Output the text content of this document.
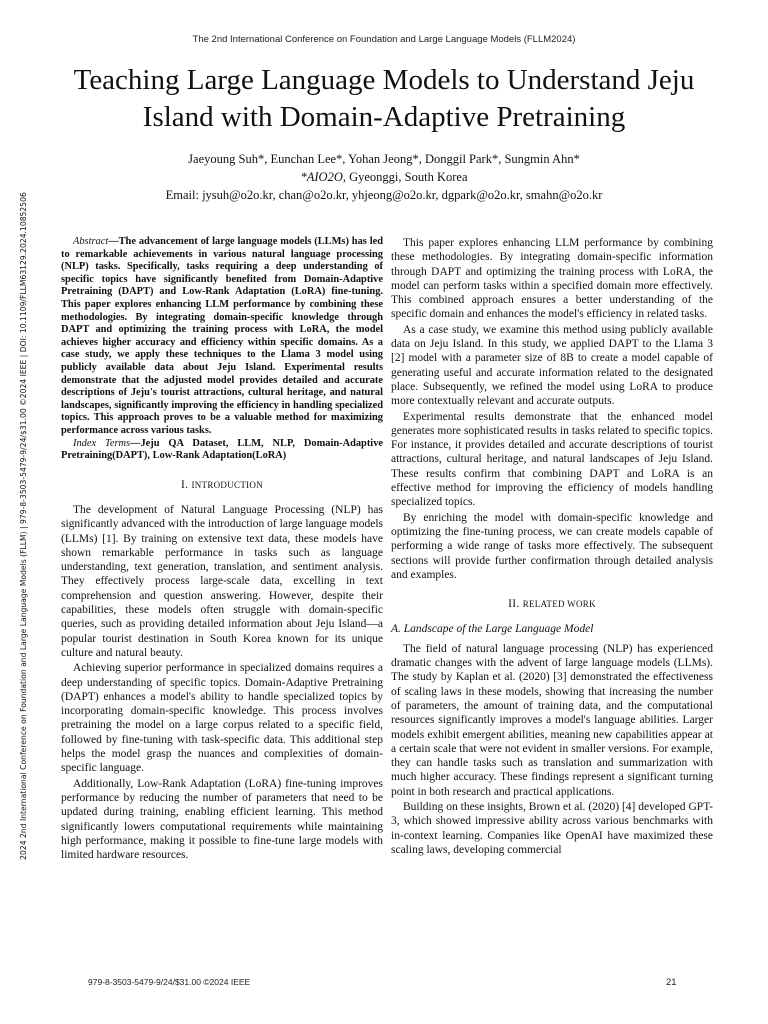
The 2nd International Conference on Foundation and Large Language Models (FLLM2024)
2024 2nd International Conference on Foundation and Large Language Models (FLLM) | 979-8-3503-5479-9/24/$31.00 ©2024 IEEE | DOI: 10.1109/FLLM63129.2024.10852506
Teaching Large Language Models to Understand Jeju Island with Domain-Adaptive Pretraining
Jaeyoung Suh*, Eunchan Lee*, Yohan Jeong*, Donggil Park*, Sungmin Ahn*
*AIO2O, Gyeonggi, South Korea
Email: jysuh@o2o.kr, chan@o2o.kr, yhjeong@o2o.kr, dgpark@o2o.kr, smahn@o2o.kr

Abstract—The advancement of large language models (LLMs) has led to remarkable achievements in various natural language processing (NLP) tasks. Specifically, tasks requiring a deep understanding of specific topics have significantly benefited from Domain-Adaptive Pretraining (DAPT) and Low-Rank Adaptation (LoRA) fine-tuning. This paper explores enhancing LLM performance by combining these methodologies. By integrating domain-specific knowledge through DAPT and optimizing the training process with LoRA, the model achieves higher accuracy and efficiency within specific domains. As a case study, we apply these techniques to the Llama 3 model using publicly available data about Jeju Island. Experimental results demonstrate that the adjusted model provides detailed and accurate descriptions of Jeju's tourist attractions, cultural heritage, and natural landscapes, significantly improving the efficiency in handling specialized topics. This approach proves to be a valuable method for maximizing performance across various tasks.

Index Terms—Jeju QA Dataset, LLM, NLP, Domain-Adaptive Pretraining(DAPT), Low-Rank Adaptation(LoRA)

I. INTRODUCTION

The development of Natural Language Processing (NLP) has significantly advanced with the introduction of large language models (LLMs) [1]. By training on extensive text data, these models have shown remarkable performance in tasks such as language understanding, text generation, translation, and sentiment analysis. They effectively process large-scale data, excelling in text comprehension and question answering. However, despite their capabilities, these models often struggle with domain-specific queries, such as providing detailed information about Jeju Island—a popular tourist destination in South Korea known for its unique culture and natural beauty.

Achieving superior performance in specialized domains requires a deep understanding of specific topics. Domain-Adaptive Pretraining (DAPT) enhances a model's ability to handle specialized topics by incorporating domain-specific knowledge. This process involves pretraining the model on a large corpus related to a specific field, followed by fine-tuning with task-specific data. This additional step helps the model grasp the nuances and complexities of domain-specific language.

Additionally, Low-Rank Adaptation (LoRA) fine-tuning improves performance by reducing the number of parameters that need to be updated during training, enabling efficient learning. This method significantly lowers computational requirements while maintaining high performance, making it possible to fine-tune large models with limited hardware resources.

This paper explores enhancing LLM performance by combining these methodologies. By integrating domain-specific information through DAPT and optimizing the training process with LoRA, the model can perform tasks within a specified domain more effectively. This combined approach ensures a better understanding of the specific domain and enhances the model's efficiency in related tasks.

As a case study, we examine this method using publicly available data on Jeju Island. In this study, we applied DAPT to the Llama 3 [2] model with a parameter size of 8B to create a model capable of generating useful and accurate information related to the designated place. Subsequently, we refined the model using LoRA to produce more contextually relevant and accurate outputs.

Experimental results demonstrate that the enhanced model generates more sophisticated results in tasks related to specific topics. For instance, it provides detailed and accurate descriptions of tourist attractions, cultural heritage, and natural landscapes of Jeju Island. These results confirm that combining DAPT and LoRA is an effective method for improving the efficiency of models handling specialized topics.

By enriching the model with domain-specific knowledge and optimizing the fine-tuning process, we can create models capable of performing a wide range of tasks more effectively. The subsequent sections will provide further confirmation through detailed analysis and examples.

II. RELATED WORK
A. Landscape of the Large Language Model

The field of natural language processing (NLP) has experienced dramatic changes with the advent of large language models (LLMs). The study by Kaplan et al. (2020) [3] demonstrated the effectiveness of scaling laws in these models, showing that increasing the number of parameters, the amount of training data, and the computational resources significantly improves a model's language abilities. Larger models exhibit emergent abilities, meaning new capabilities appear at a certain scale that were not evident in smaller versions. For example, they can handle tasks such as translation and summarization with much higher accuracy. These findings represent a significant turning point in both research and practical applications.

Building on these insights, Brown et al. (2020) [4] developed GPT-3, which showed impressive ability across various benchmarks with in-context learning. Companies like OpenAI have maximized these scaling laws, developing commercial

979-8-3503-5479-9/24/$31.00 ©2024 IEEE	21
